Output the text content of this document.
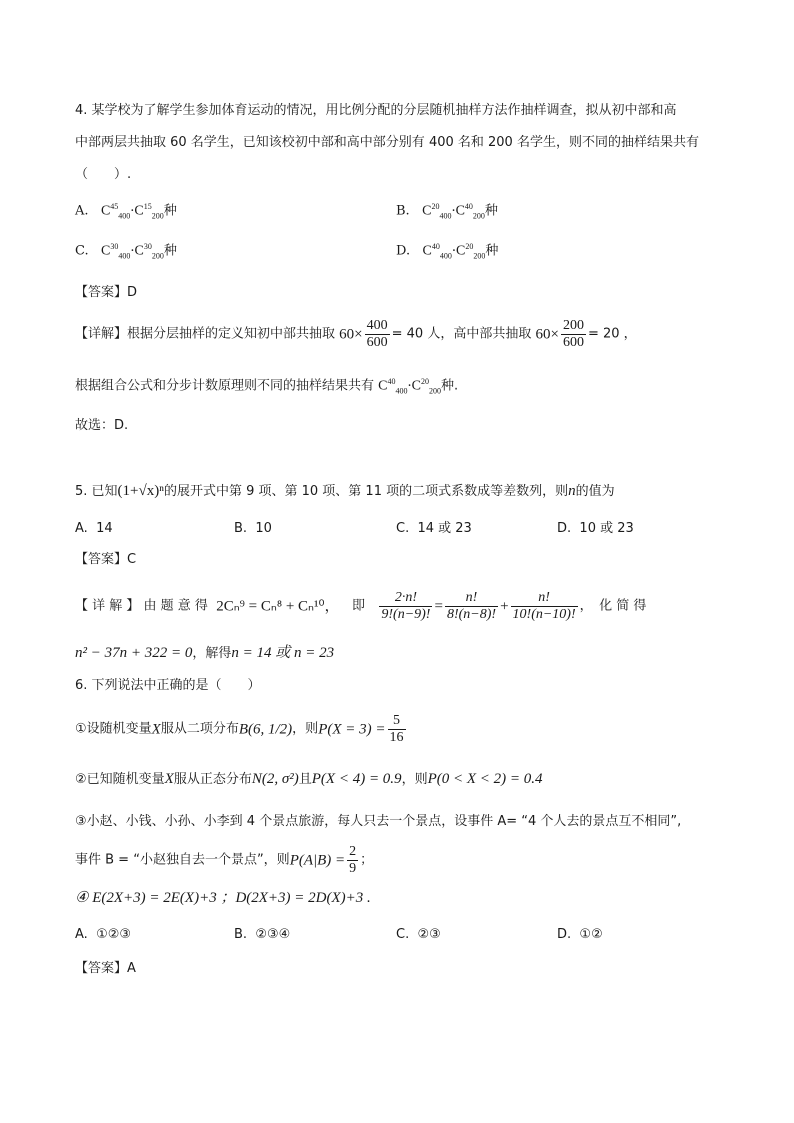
4. 某学校为了解学生参加体育运动的情况，用比例分配的分层随机抽样方法作抽样调查，拟从初中部和高
中部两层共抽取 60 名学生，已知该校初中部和高中部分别有 400 名和 200 名学生，则不同的抽样结果共有
（　　）.
A. $C^{45}_{400}\cdot C^{15}_{200}$种	B. $C^{20}_{400}\cdot C^{40}_{200}$种
C. $C^{30}_{400}\cdot C^{30}_{200}$种	D. $C^{40}_{400}\cdot C^{20}_{200}$种
【答案】D
【详解】根据分层抽样的定义知初中部共抽取 $60\times \frac{400}{600} = 40$ 人，高中部共抽取 $60\times \frac{200}{600} = 20$ ，
根据组合公式和分步计数原理则不同的抽样结果共有 $C^{40}_{400}\cdot C^{20}_{200}$种.
故选：D.
5. 已知(1+√x)ⁿ的展开式中第 9 项、第 10 项、第 11 项的二项式系数成等差数列，则n的值为
A. 14	B. 10	C. 14 或 23	D. 10 或 23
【答案】C
【 详 解 】 由 题 意 得 2Cₙ⁹ = Cₙ⁸ + Cₙ¹⁰， 即 $\frac{2\cdot n!}{9!(n-9)!} = \frac{n!}{8!(n-8)!} + \frac{n!}{10!(n-10)!}$ ，　化 简 得
n² − 37n + 322 = 0，解得n = 14 或 n = 23
6. 下列说法中正确的是（　　）
①设随机变量X服从二项分布B(6, 1/2)，则$P(X = 3) = \frac{5}{16}$
②已知随机变量X服从正态分布N(2, σ²)且P(X < 4) = 0.9，则P(0 < X < 2) = 0.4
③小赵、小钱、小孙、小李到 4 个景点旅游，每人只去一个景点，设事件 A= “4 个人去的景点互不相同”,
事件 B = “小赵独自去一个景点”，则$P(A|B) = \frac{2}{9}$ ；
④ E(2X+3) = 2E(X)+3 ；D(2X+3) = 2D(X)+3 .
A. ①②③	B. ②③④	C. ②③	D. ①②
【答案】A
